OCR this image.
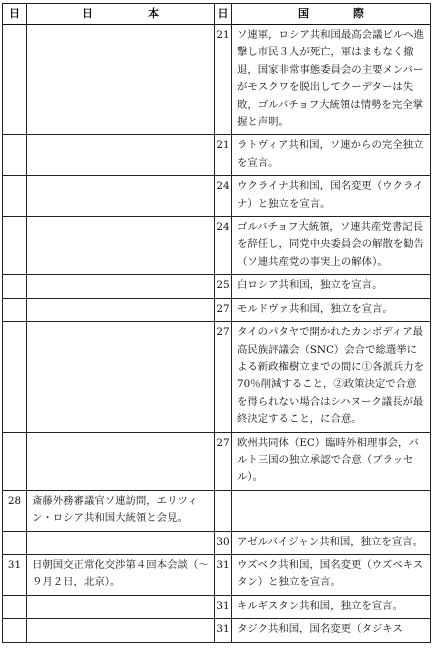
日	日　　　　　本	日	国　　　　際
		21	ソ連軍，ロシア共和国最高会議ビルへ進撃し市民３人が死亡，軍はまもなく撤退，国家非常事態委員会の主要メンバーがモスクワを脱出してクーデターは失敗，ゴルバチョフ大統領は情勢を完全掌握と声明。
		21	ラトヴィア共和国，ソ連からの完全独立を宣言。
		24	ウクライナ共和国，国名変更（ウクライナ）と独立を宣言。
		24	ゴルバチョフ大統領，ソ連共産党書記長を辞任し，同党中央委員会の解散を勧告（ソ連共産党の事実上の解体）。
		25	白ロシア共和国，独立を宣言。
		27	モルドヴァ共和国，独立を宣言。
		27	タイのパタヤで開かれたカンボディア最高民族評議会（SNC）会合で総選挙による新政権樹立までの間に①各派兵力を70％削減すること，②政策決定で合意を得られない場合はシハヌーク議長が最終決定すること，に合意。
		27	欧州共同体（EC）臨時外相理事会，バルト三国の独立承認で合意（ブラッセル）。
28	斎藤外務審議官ソ連訪問，エリツィン・ロシア共和国大統領と会見。		
		30	アゼルバイジャン共和国，独立を宣言。
31	日朝国交正常化交渉第４回本会談（～９月２日，北京）。	31	ウズベク共和国，国名変更（ウズベキスタン）と独立を宣言。
		31	キルギスタン共和国，独立を宣言。
		31	タジク共和国，国名変更（タジキス
